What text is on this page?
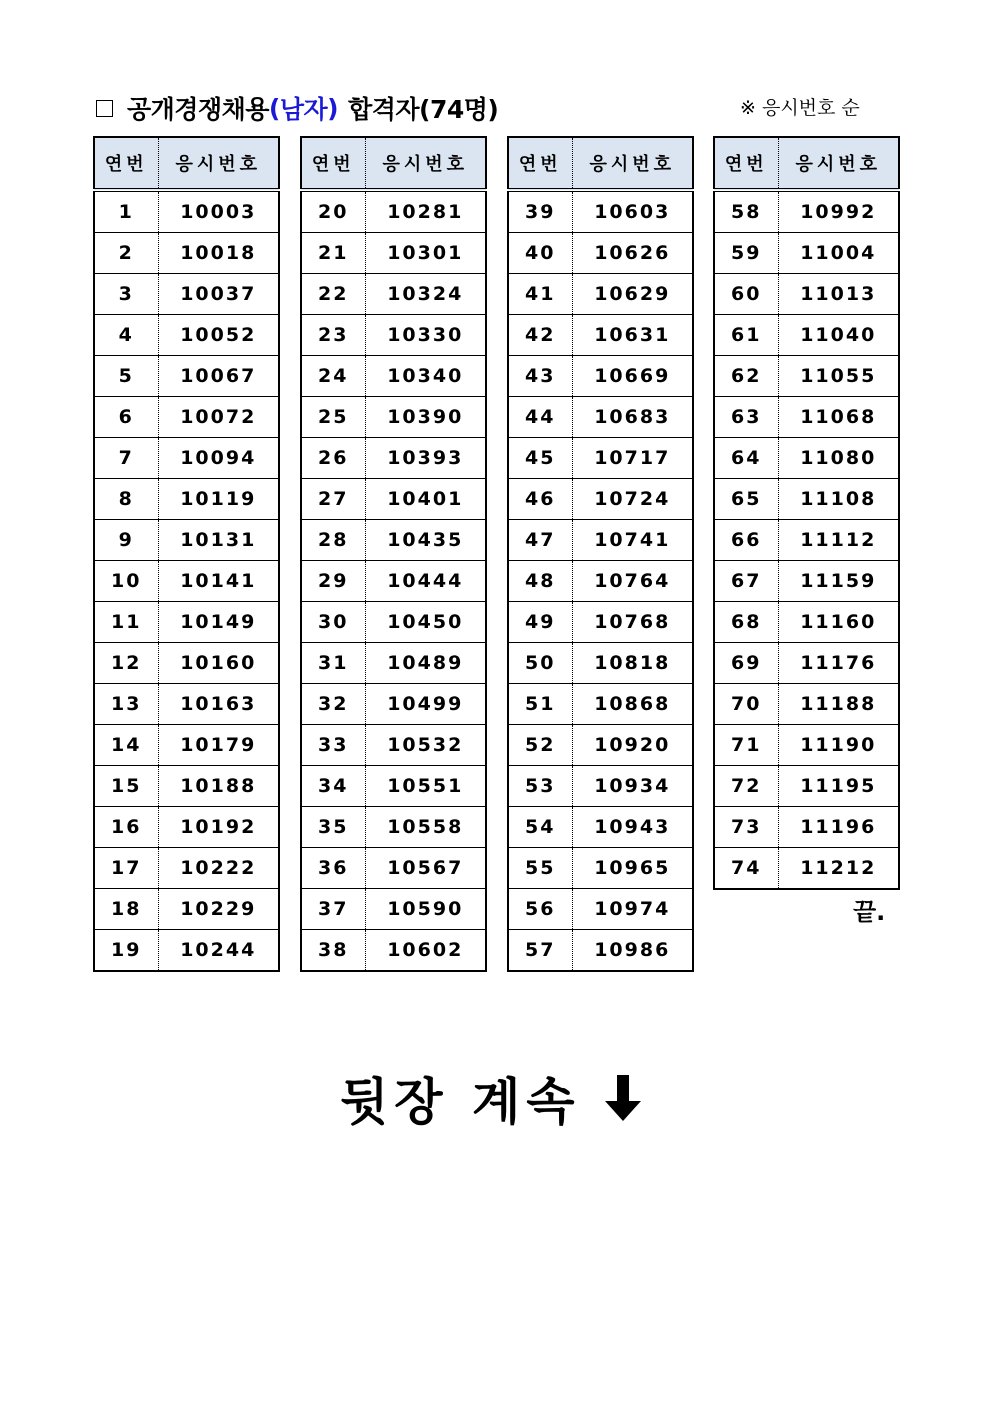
공개경쟁채용 ( 남자 ) 합격자(74명)	※ 응시번호 순
연번	응시번호
1	10003
2	10018
3	10037
4	10052
5	10067
6	10072
7	10094
8	10119
9	10131
10	10141
11	10149
12	10160
13	10163
14	10179
15	10188
16	10192
17	10222
18	10229
19	10244
연번	응시번호
20	10281
21	10301
22	10324
23	10330
24	10340
25	10390
26	10393
27	10401
28	10435
29	10444
30	10450
31	10489
32	10499
33	10532
34	10551
35	10558
36	10567
37	10590
38	10602
연번	응시번호
39	10603
40	10626
41	10629
42	10631
43	10669
44	10683
45	10717
46	10724
47	10741
48	10764
49	10768
50	10818
51	10868
52	10920
53	10934
54	10943
55	10965
56	10974
57	10986
연번	응시번호
58	10992
59	11004
60	11013
61	11040
62	11055
63	11068
64	11080
65	11108
66	11112
67	11159
68	11160
69	11176
70	11188
71	11190
72	11195
73	11196
74	11212
끝.
뒷장 계속
